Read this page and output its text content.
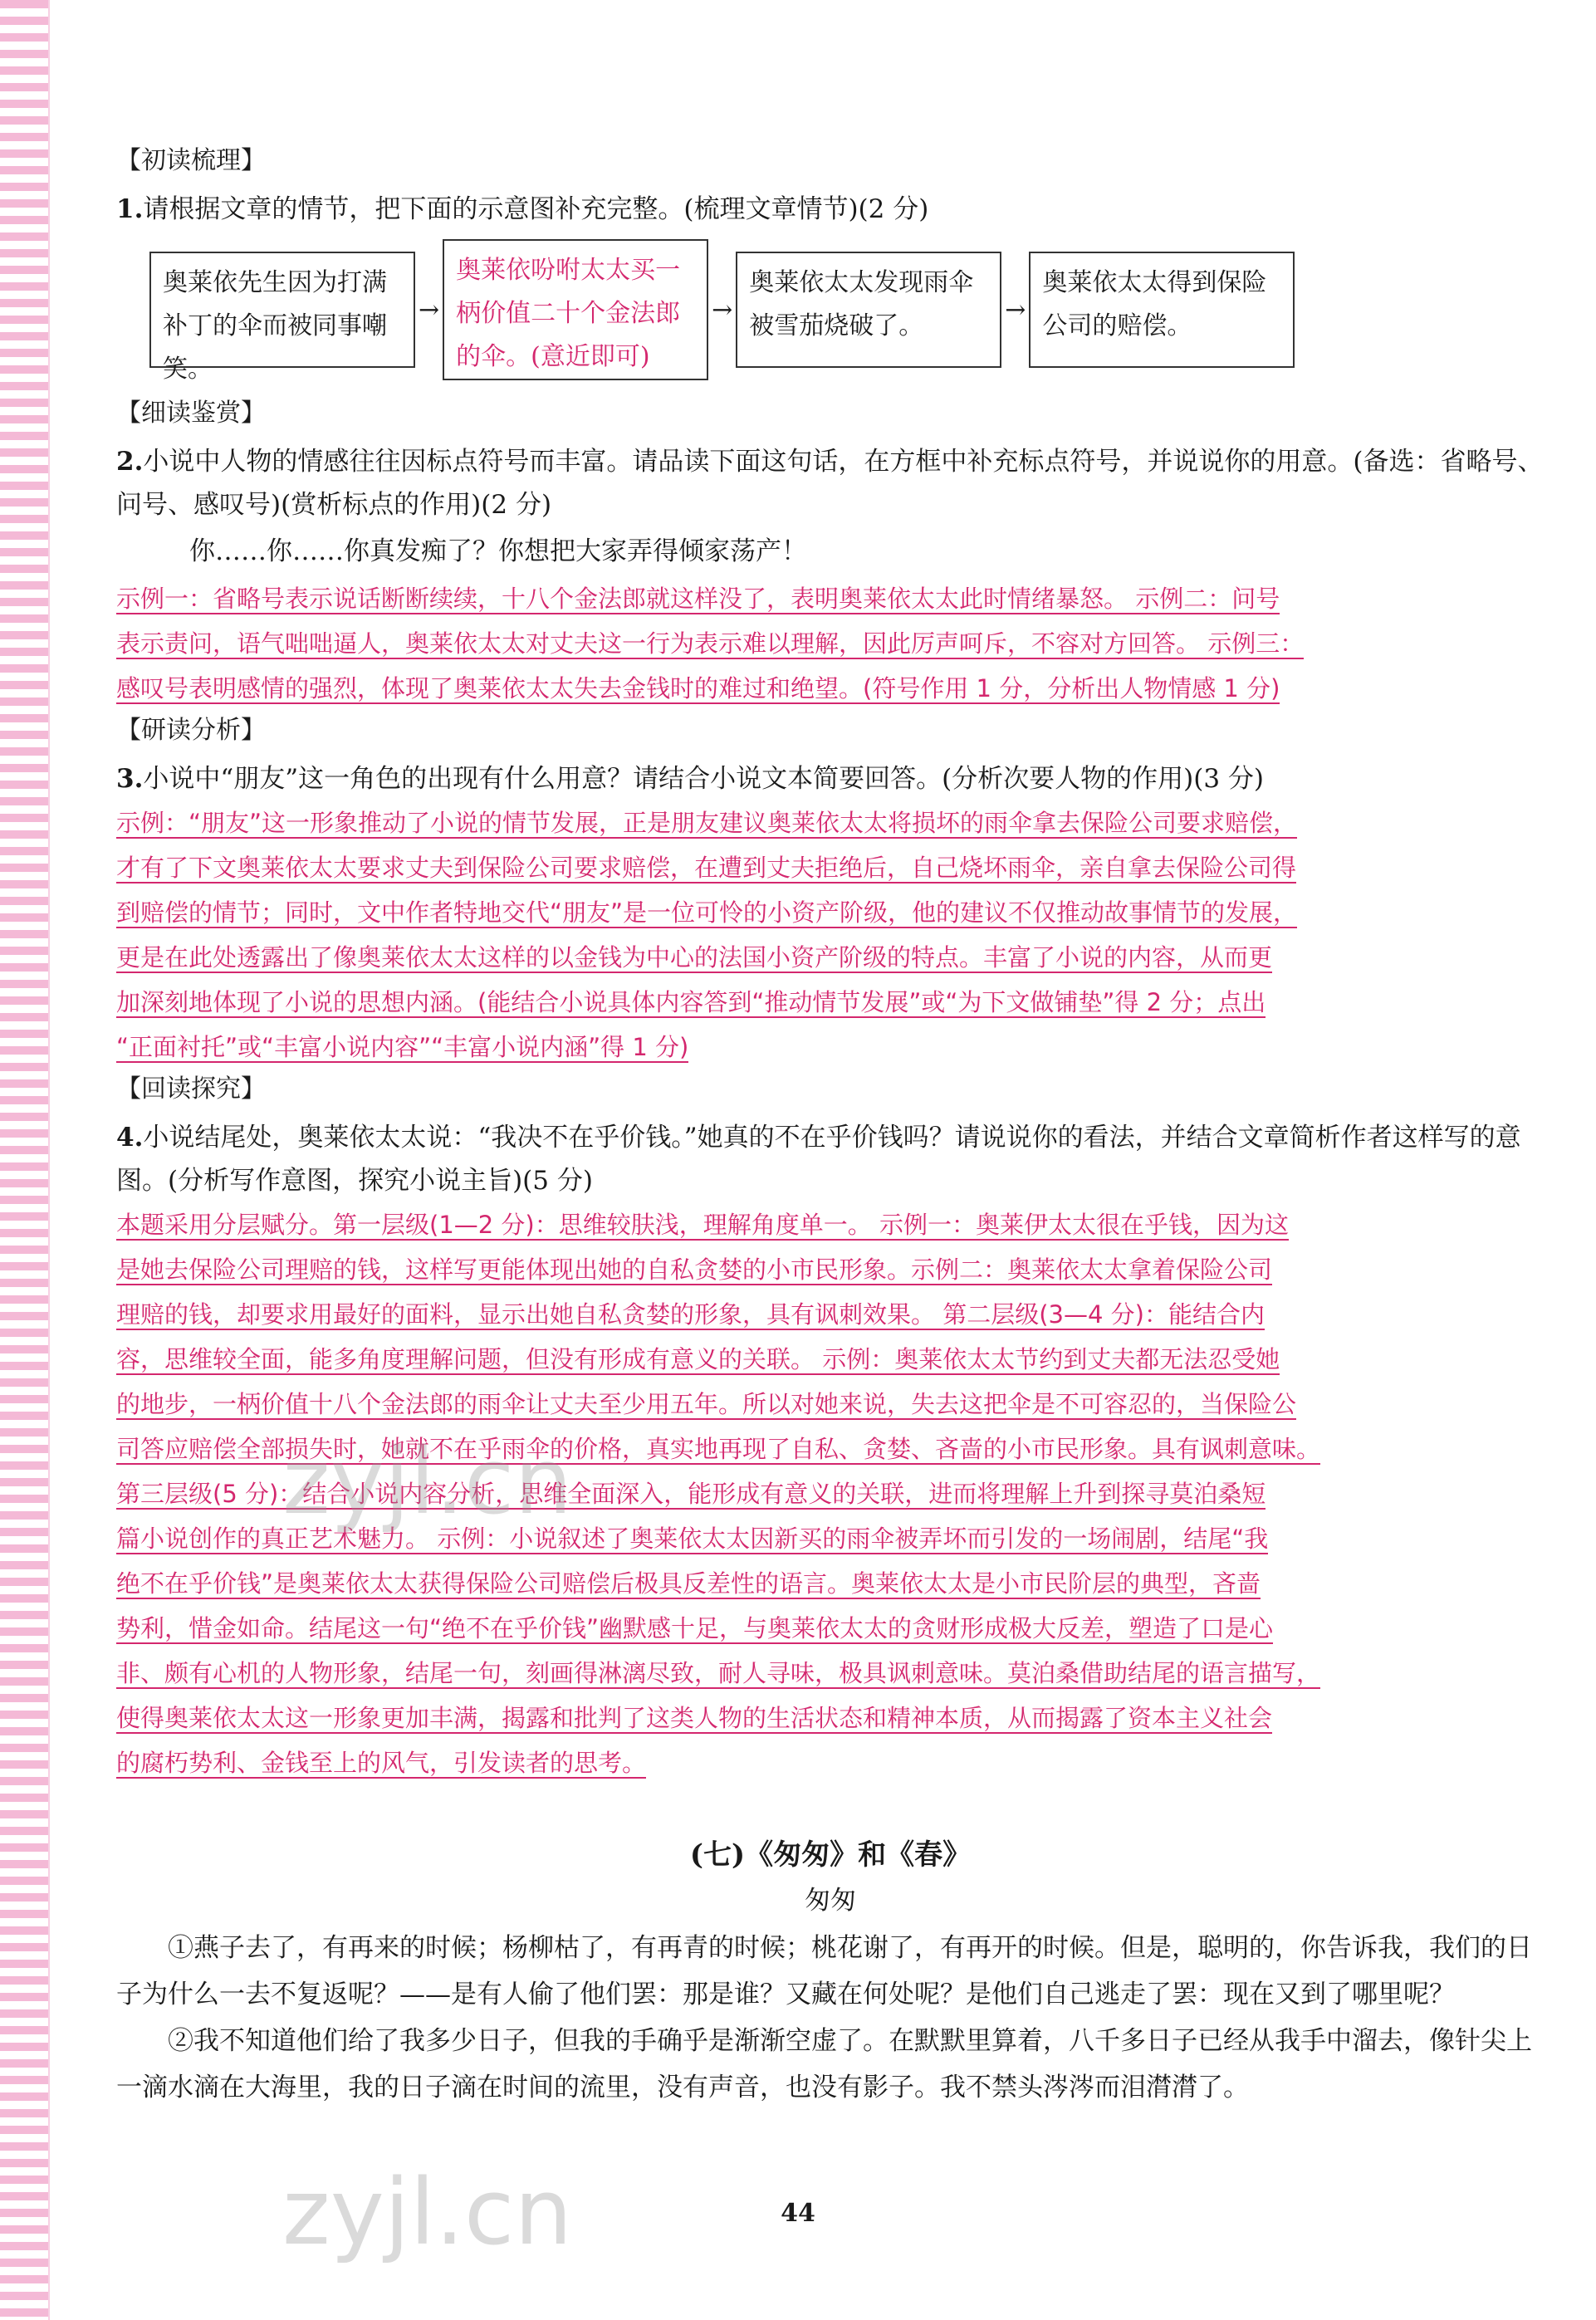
【初读梳理】

1.请根据文章的情节，把下面的示意图补充完整。(梳理文章情节)(2 分)

奥莱依先生因为打满补丁的伞而被同事嘲笑。
→
奥莱依吩咐太太买一柄价值二十个金法郎的伞。(意近即可)
→
奥莱依太太发现雨伞被雪茄烧破了。
→
奥莱依太太得到保险公司的赔偿。
【细读鉴赏】

2.小说中人物的情感往往因标点符号而丰富。请品读下面这句话，在方框中补充标点符号，并说说你的用意。(备选：省略号、问号、感叹号)(赏析标点的作用)(2 分)

你……你……你真发痴了？你想把大家弄得倾家荡产！
示例一：省略号表示说话断断续续，十八个金法郎就这样没了，表明奥莱依太太此时情绪暴怒。 示例二：问号
表示责问，语气咄咄逼人，奥莱依太太对丈夫这一行为表示难以理解，因此厉声呵斥，不容对方回答。 示例三：
感叹号表明感情的强烈，体现了奥莱依太太失去金钱时的难过和绝望。(符号作用 1 分，分析出人物情感 1 分)
【研读分析】

3.小说中“朋友”这一角色的出现有什么用意？请结合小说文本简要回答。(分析次要人物的作用)(3 分)

示例：“朋友”这一形象推动了小说的情节发展，正是朋友建议奥莱依太太将损坏的雨伞拿去保险公司要求赔偿，
才有了下文奥莱依太太要求丈夫到保险公司要求赔偿，在遭到丈夫拒绝后，自己烧坏雨伞，亲自拿去保险公司得
到赔偿的情节；同时，文中作者特地交代“朋友”是一位可怜的小资产阶级，他的建议不仅推动故事情节的发展，
更是在此处透露出了像奥莱依太太这样的以金钱为中心的法国小资产阶级的特点。丰富了小说的内容，从而更
加深刻地体现了小说的思想内涵。(能结合小说具体内容答到“推动情节发展”或“为下文做铺垫”得 2 分；点出
“正面衬托”或“丰富小说内容”“丰富小说内涵”得 1 分)
【回读探究】

4.小说结尾处，奥莱依太太说：“我决不在乎价钱。”她真的不在乎价钱吗？请说说你的看法，并结合文章简析作者这样写的意图。(分析写作意图，探究小说主旨)(5 分)

本题采用分层赋分。第一层级(1—2 分)：思维较肤浅，理解角度单一。 示例一：奥莱伊太太很在乎钱，因为这
是她去保险公司理赔的钱，这样写更能体现出她的自私贪婪的小市民形象。示例二：奥莱依太太拿着保险公司
理赔的钱，却要求用最好的面料，显示出她自私贪婪的形象，具有讽刺效果。 第二层级(3—4 分)：能结合内
容，思维较全面，能多角度理解问题，但没有形成有意义的关联。 示例：奥莱依太太节约到丈夫都无法忍受她
的地步，一柄价值十八个金法郎的雨伞让丈夫至少用五年。所以对她来说，失去这把伞是不可容忍的，当保险公
司答应赔偿全部损失时，她就不在乎雨伞的价格，真实地再现了自私、贪婪、吝啬的小市民形象。具有讽刺意味。
第三层级(5 分)：结合小说内容分析，思维全面深入，能形成有意义的关联，进而将理解上升到探寻莫泊桑短
篇小说创作的真正艺术魅力。 示例：小说叙述了奥莱依太太因新买的雨伞被弄坏而引发的一场闹剧，结尾“我
绝不在乎价钱”是奥莱依太太获得保险公司赔偿后极具反差性的语言。奥莱依太太是小市民阶层的典型，吝啬
势利，惜金如命。结尾这一句“绝不在乎价钱”幽默感十足，与奥莱依太太的贪财形成极大反差，塑造了口是心
非、颇有心机的人物形象，结尾一句，刻画得淋漓尽致，耐人寻味，极具讽刺意味。莫泊桑借助结尾的语言描写，
使得奥莱依太太这一形象更加丰满，揭露和批判了这类人物的生活状态和精神本质，从而揭露了资本主义社会
的腐朽势利、金钱至上的风气，引发读者的思考。
(七)《匆匆》和《春》
匆匆

①燕子去了，有再来的时候；杨柳枯了，有再青的时候；桃花谢了，有再开的时候。但是，聪明的，你告诉我，我们的日子为什么一去不复返呢？——是有人偷了他们罢：那是谁？又藏在何处呢？是他们自己逃走了罢：现在又到了哪里呢？

②我不知道他们给了我多少日子，但我的手确乎是渐渐空虚了。在默默里算着，八千多日子已经从我手中溜去，像针尖上一滴水滴在大海里，我的日子滴在时间的流里，没有声音，也没有影子。我不禁头涔涔而泪潸潸了。

zyjl.cn
zyjl.cn	44
